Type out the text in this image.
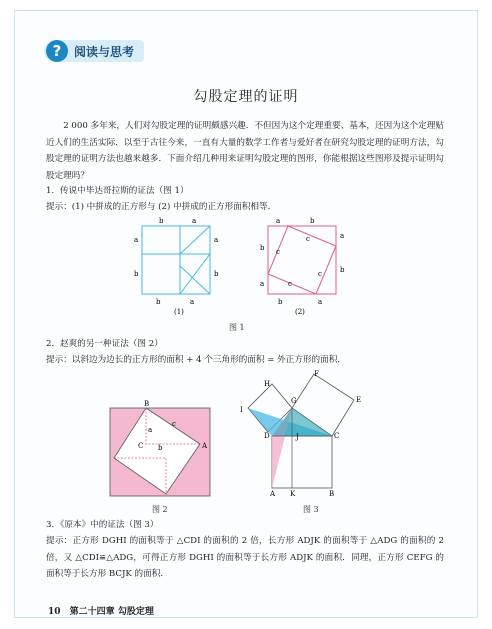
?	阅读与思考
勾股定理的证明
2 000 多年来，人们对勾股定理的证明颇感兴趣．不但因为这个定理重要、基本，还因为这个定理贴近人们的生活实际．以至于古往今来，一直有大量的数学工作者与爱好者在研究勾股定理的证明方法，勾股定理的证明方法也越来越多．下面介绍几种用来证明勾股定理的图形，你能根据这些图形及提示证明勾股定理吗？
1．传说中毕达哥拉斯的证法（图 1）
提示：(1) 中拼成的正方形与 (2) 中拼成的正方形面积相等．
b	a
a
b
a
b
b	a
a	b
b
a
a
b
b	a
c
c
c
c
(1)	(2)
图 1
2．赵爽的另一种证法（图 2）
提示：以斜边为边长的正方形的面积 + 4 个三角形的面积 = 外正方形的面积．
B
A
C
a
b
c
图 2
H
F
G	E
I
D	J	C
A K	B
图 3
3．《原本》中的证法（图 3）
提示：正方形 DGHI 的面积等于 △CDI 的面积的 2 倍，长方形 ADJK 的面积等于 △ADG 的面积的 2 倍，又 △CDI≌△ADG，可得正方形 DGHI 的面积等于长方形 ADJK 的面积．同理，正方形 CEFG 的面积等于长方形 BCJK 的面积．
10 第二十四章 勾股定理
